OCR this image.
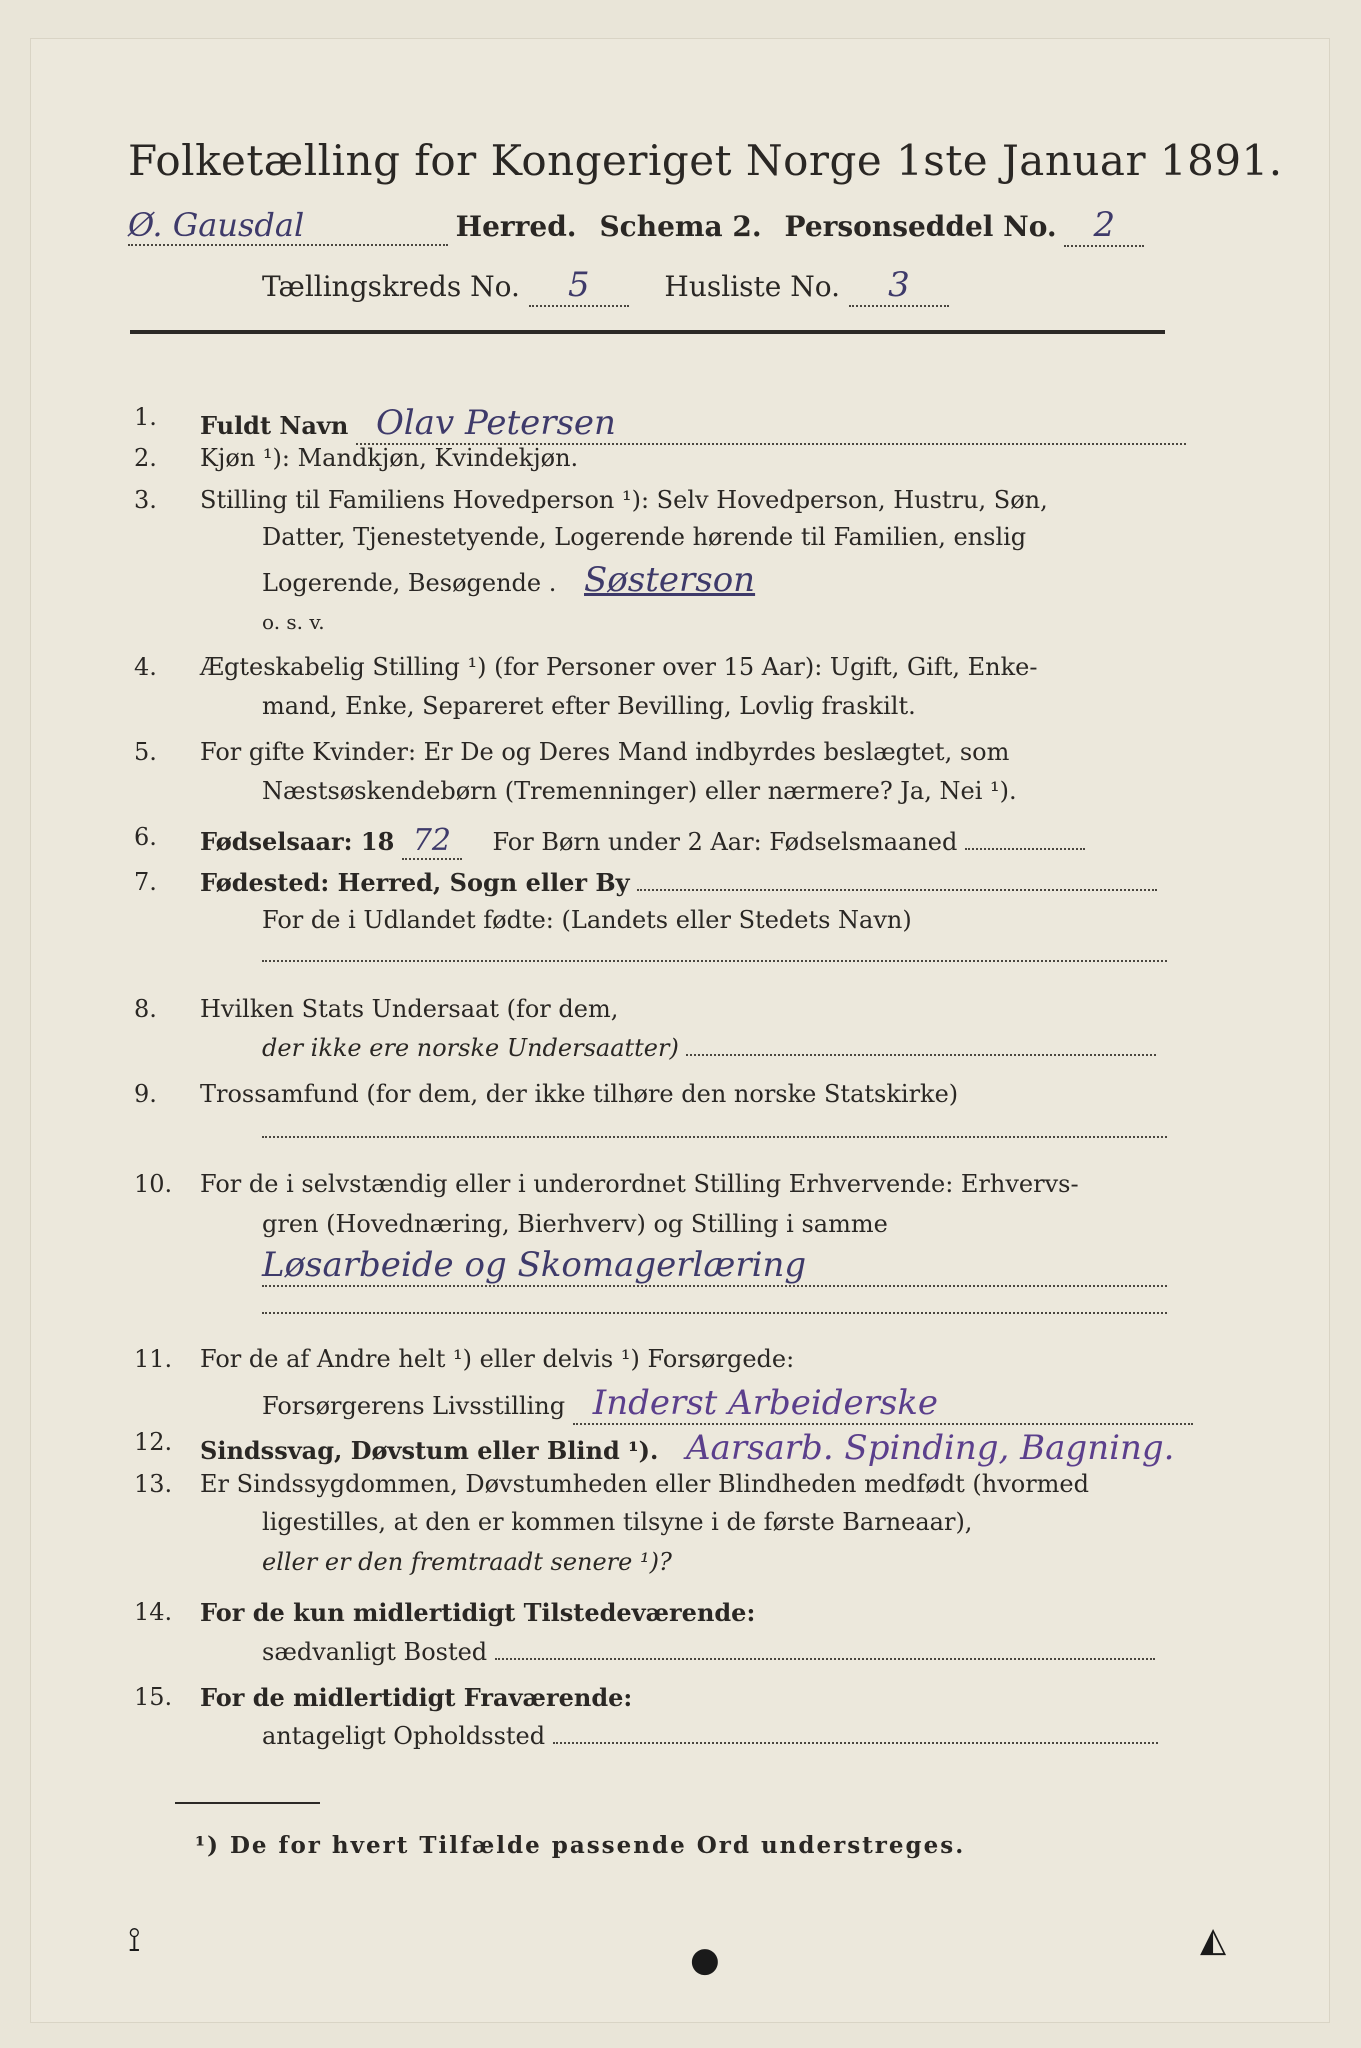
Folketælling for Kongeriget Norge 1ste Januar 1891.
Ø. Gausdal	Herred. Schema 2. Personseddel No. 2
Tællingskreds No. 5	Husliste No. 3
1. Fuldt Navn Olav Petersen
2. Kjøn ¹): Mandkjøn, Kvindekjøn.
3. Stilling til Familiens Hovedperson ¹): Selv Hovedperson, Hustru, Søn,
Datter, Tjenestetyende, Logerende hørende til Familien, enslig
Logerende, Besøgende . Søsterson
o. s. v.
4. Ægteskabelig Stilling ¹) (for Personer over 15 Aar): Ugift, Gift, Enke-
mand, Enke, Separeret efter Bevilling, Lovlig fraskilt.
5. For gifte Kvinder: Er De og Deres Mand indbyrdes beslægtet, som
Næstsøskendebørn (Tremenninger) eller nærmere? Ja, Nei ¹).
6. Fødselsaar: 18 72 For Børn under 2 Aar: Fødselsmaaned
7. Fødested: Herred, Sogn eller By
For de i Udlandet fødte: (Landets eller Stedets Navn)
8. Hvilken Stats Undersaat (for dem,
der ikke ere norske Undersaatter)
9. Trossamfund (for dem, der ikke tilhøre den norske Statskirke)
10. For de i selvstændig eller i underordnet Stilling Erhvervende: Erhvervs-
gren (Hovednæring, Bierhverv) og Stilling i samme
Løsarbeide og Skomagerlæring
11. For de af Andre helt ¹) eller delvis ¹) Forsørgede:
Forsørgerens Livsstilling Inderst Arbeiderske
12. Sindssvag, Døvstum eller Blind ¹). Aarsarb. Spinding, Bagning.
13. Er Sindssygdommen, Døvstumheden eller Blindheden medfødt (hvormed
ligestilles, at den er kommen tilsyne i de første Barneaar),
eller er den fremtraadt senere ¹)?
14. For de kun midlertidigt Tilstedeværende:
sædvanligt Bosted
15. For de midlertidigt Fraværende:
antageligt Opholdssted
¹) De for hvert Tilfælde passende Ord understreges.
⟟	●	◭
